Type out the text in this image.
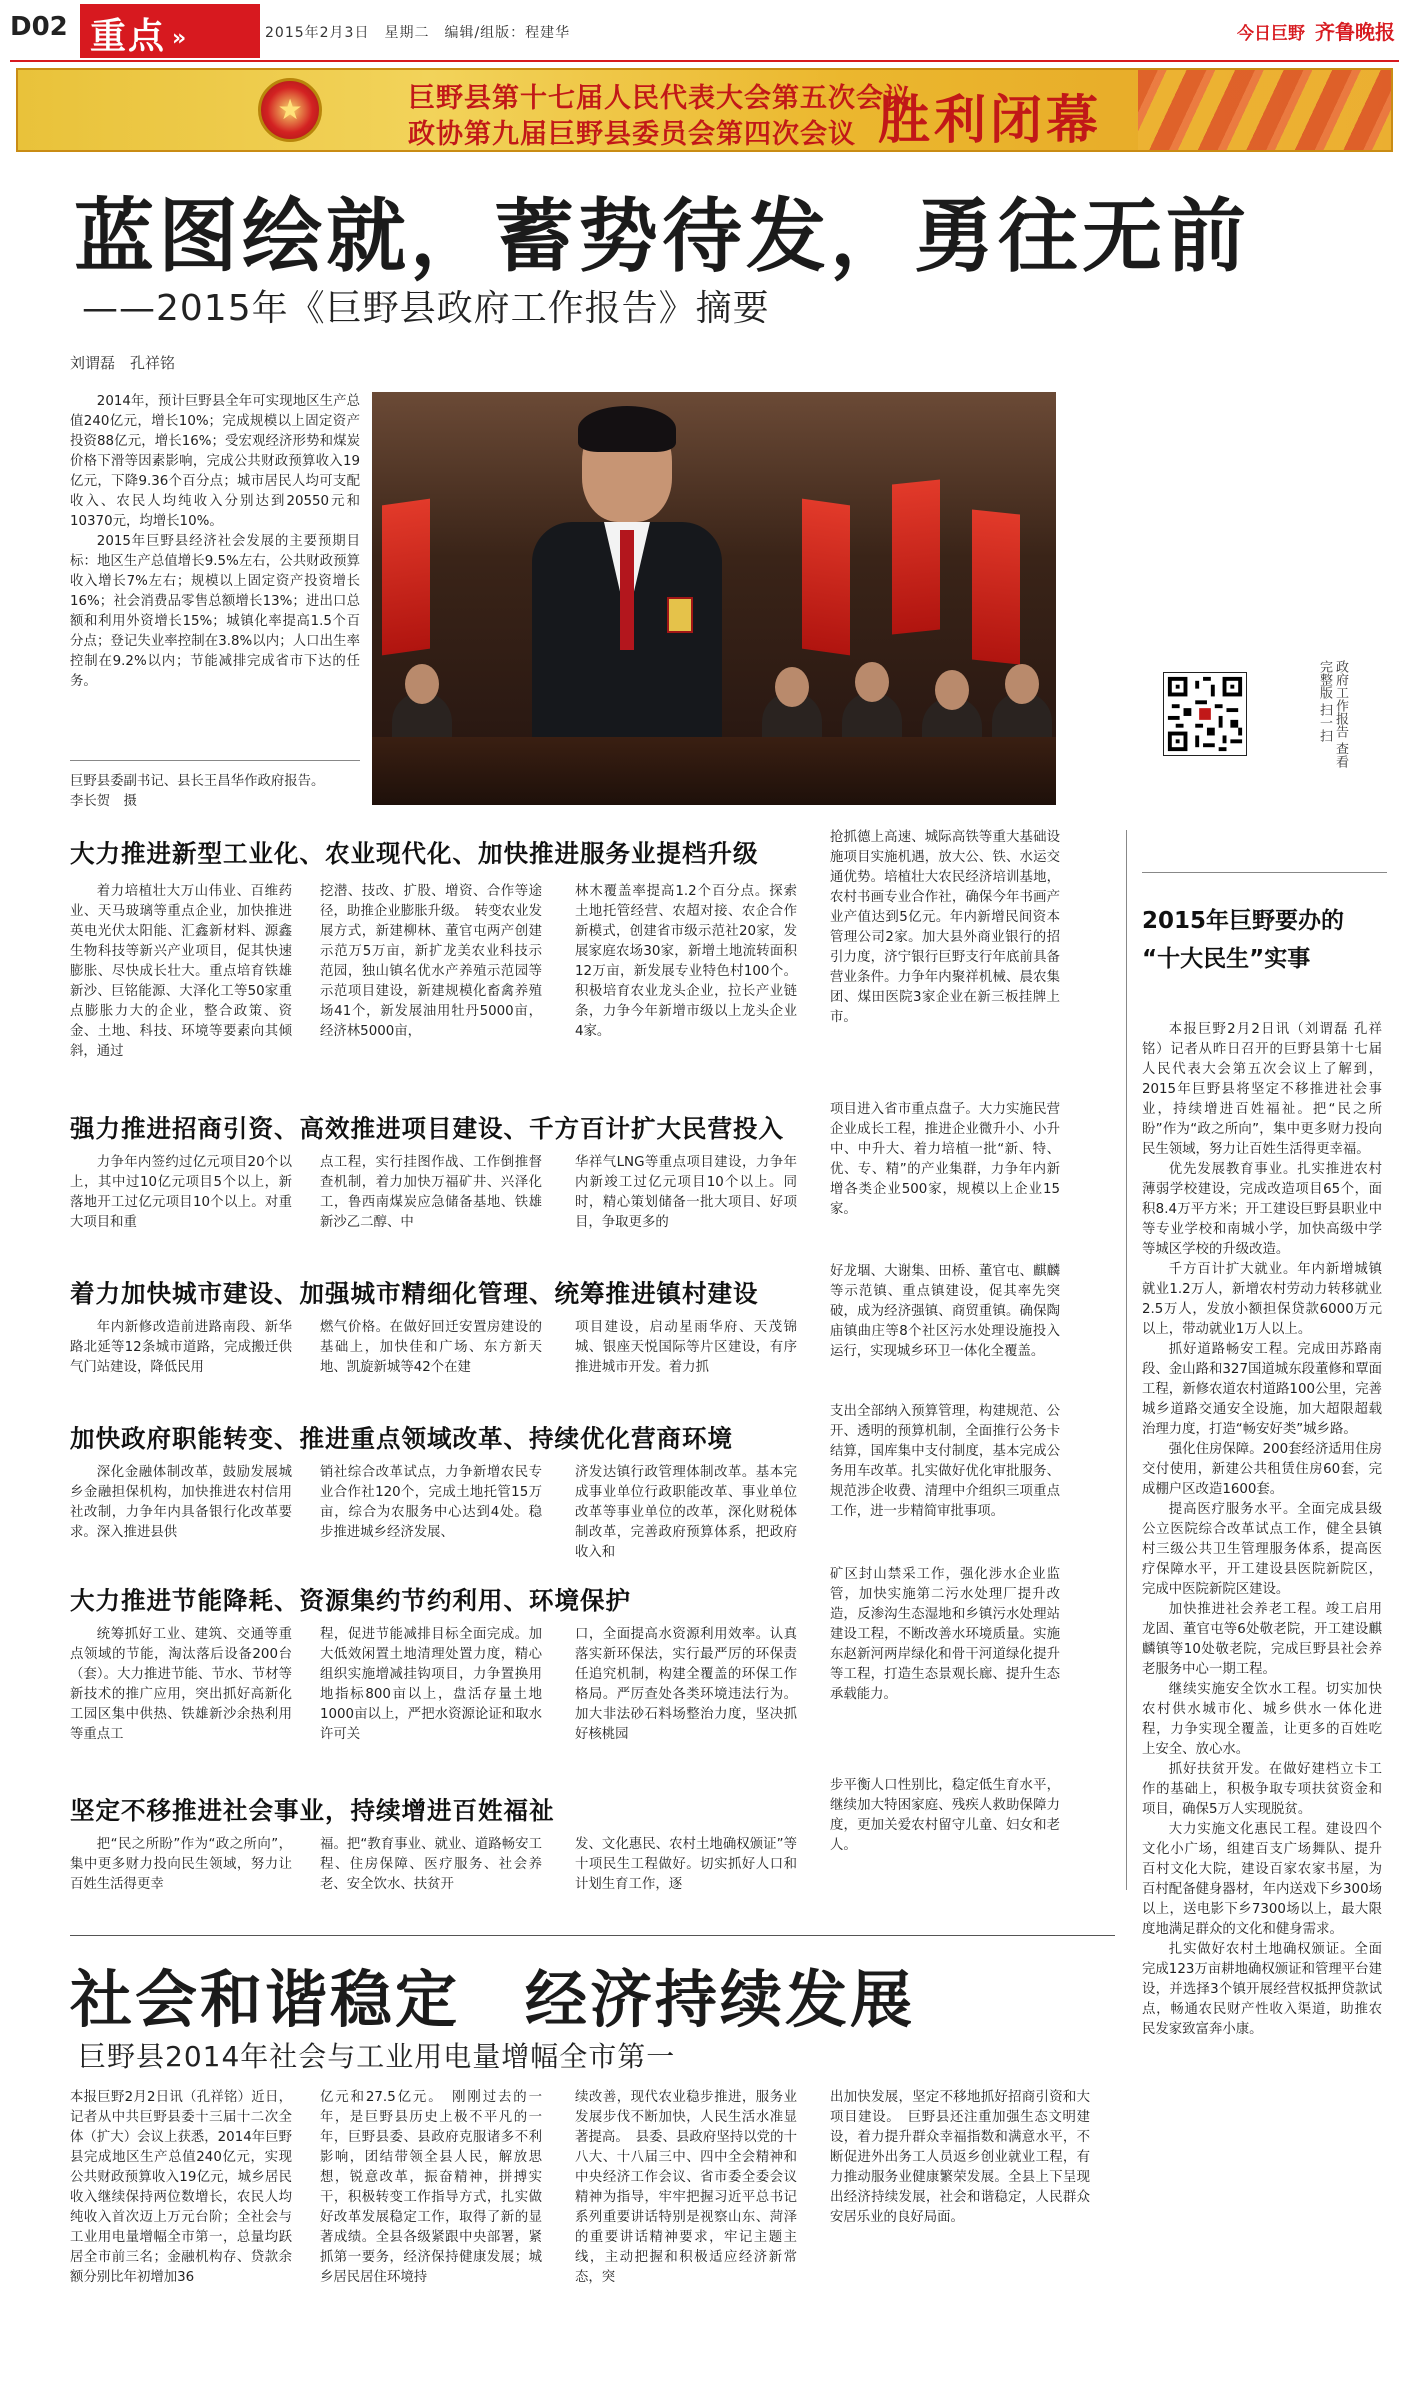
D02 重点 »	2015年2月3日　星期二　编辑/组版：程建华	今日巨野 齐鲁晚报
★	巨野县第十七届人民代表大会第五次会议
政协第九届巨野县委员会第四次会议 胜利闭幕
蓝图绘就，蓄势待发，勇往无前
——2015年《巨野县政府工作报告》摘要
刘谓磊　孔祥铭

2014年，预计巨野县全年可实现地区生产总值240亿元，增长10%；完成规模以上固定资产投资88亿元，增长16%；受宏观经济形势和煤炭价格下滑等因素影响，完成公共财政预算收入19亿元，下降9.36个百分点；城市居民人均可支配收入、农民人均纯收入分别达到20550元和10370元，均增长10%。

2015年巨野县经济社会发展的主要预期目标：地区生产总值增长9.5%左右，公共财政预算收入增长7%左右；规模以上固定资产投资增长16%；社会消费品零售总额增长13%；进出口总额和利用外资增长15%；城镇化率提高1.5个百分点；登记失业率控制在3.8%以内；人口出生率控制在9.2%以内；节能减排完成省市下达的任务。

巨野县委副书记、县长王昌华作政府报告。　　　　李长贺　摄
政府工作报告 查看完整版 扫一扫
大力推进新型工业化、农业现代化、加快推进服务业提档升级

着力培植壮大万山伟业、百维药业、天马玻璃等重点企业，加快推进英电光伏太阳能、汇鑫新材料、源鑫生物科技等新兴产业项目，促其快速膨胀、尽快成长壮大。重点培育铁雄新沙、巨铭能源、大泽化工等50家重点膨胀力大的企业，整合政策、资金、土地、科技、环境等要素向其倾斜，通过

挖潜、技改、扩股、增资、合作等途径，助推企业膨胀升级。　转变农业发展方式，新建柳林、董官屯两产创建示范万5万亩，新扩龙美农业科技示范园，独山镇名优水产养殖示范园等示范项目建设，新建规模化畜禽养殖场41个，新发展油用牡丹5000亩，经济林5000亩，

林木覆盖率提高1.2个百分点。探索土地托管经营、农超对接、农企合作新模式，创建省市级示范社20家，发展家庭农场30家，新增土地流转面积12万亩，新发展专业特色村100个。积极培育农业龙头企业，拉长产业链条，力争今年新增市级以上龙头企业4家。

抢抓德上高速、城际高铁等重大基础设施项目实施机遇，放大公、铁、水运交通优势。培植壮大农民经济培训基地，农村书画专业合作社，确保今年书画产业产值达到5亿元。年内新增民间资本管理公司2家。加大县外商业银行的招引力度，济宁银行巨野支行年底前具备营业条件。力争年内聚祥机械、晨农集团、煤田医院3家企业在新三板挂牌上市。

强力推进招商引资、高效推进项目建设、千方百计扩大民营投入

力争年内签约过亿元项目20个以上，其中过10亿元项目5个以上，新落地开工过亿元项目10个以上。对重大项目和重

点工程，实行挂图作战、工作倒推督查机制，着力加快万福矿井、兴泽化工，鲁西南煤炭应急储备基地、铁雄新沙乙二醇、中

华祥气LNG等重点项目建设，力争年内新竣工过亿元项目10个以上。同时，精心策划储备一批大项目、好项目，争取更多的

项目进入省市重点盘子。大力实施民营企业成长工程，推进企业微升小、小升中、中升大、着力培植一批“新、特、优、专、精”的产业集群，力争年内新增各类企业500家，规模以上企业15家。

着力加快城市建设、加强城市精细化管理、统筹推进镇村建设

年内新修改造前进路南段、新华路北延等12条城市道路，完成搬迁供气门站建设，降低民用

燃气价格。在做好回迁安置房建设的基础上，加快佳和广场、东方新天地、凯旋新城等42个在建

项目建设，启动星雨华府、天茂锦城、银座天悦国际等片区建设，有序推进城市开发。着力抓

好龙堌、大谢集、田桥、董官屯、麒麟等示范镇、重点镇建设，促其率先突破，成为经济强镇、商贸重镇。确保陶庙镇曲庄等8个社区污水处理设施投入运行，实现城乡环卫一体化全覆盖。

加快政府职能转变、推进重点领域改革、持续优化营商环境

深化金融体制改革，鼓励发展城乡金融担保机构，加快推进农村信用社改制，力争年内具备银行化改革要求。深入推进县供

销社综合改革试点，力争新增农民专业合作社120个，完成土地托管15万亩，综合为农服务中心达到4处。稳步推进城乡经济发展、

济发达镇行政管理体制改革。基本完成事业单位行政职能改革、事业单位改革等事业单位的改革，深化财税体制改革，完善政府预算体系，把政府收入和

支出全部纳入预算管理，构建规范、公开、透明的预算机制，全面推行公务卡结算，国库集中支付制度，基本完成公务用车改革。扎实做好优化审批服务、规范涉企收费、清理中介组织三项重点工作，进一步精简审批事项。

大力推进节能降耗、资源集约节约利用、环境保护

统筹抓好工业、建筑、交通等重点领域的节能，淘汰落后设备200台（套）。大力推进节能、节水、节材等新技术的推广应用，突出抓好高新化工园区集中供热、铁雄新沙余热利用等重点工

程，促进节能减排目标全面完成。加大低效闲置土地清理处置力度，精心组织实施增减挂钩项目，力争置换用地指标800亩以上，盘活存量土地1000亩以上，严把水资源论证和取水许可关

口，全面提高水资源利用效率。认真落实新环保法，实行最严厉的环保责任追究机制，构建全覆盖的环保工作格局。严厉查处各类环境违法行为。加大非法砂石料场整治力度，坚决抓好核桃园

矿区封山禁采工作，强化涉水企业监管，加快实施第二污水处理厂提升改造，反渗沟生态湿地和乡镇污水处理站建设工程，不断改善水环境质量。实施东赵新河两岸绿化和骨干河道绿化提升等工程，打造生态景观长廊、提升生态承载能力。

坚定不移推进社会事业，持续增进百姓福祉

把“民之所盼”作为“政之所向”，集中更多财力投向民生领域，努力让百姓生活得更幸

福。把“教育事业、就业、道路畅安工程、住房保障、医疗服务、社会养老、安全饮水、扶贫开

发、文化惠民、农村土地确权颁证”等十项民生工程做好。切实抓好人口和计划生育工作，逐

步平衡人口性别比，稳定低生育水平，继续加大特困家庭、残疾人救助保障力度，更加关爱农村留守儿童、妇女和老人。

2015年巨野要办的
“十大民生”实事

本报巨野2月2日讯（刘谓磊 孔祥铭）记者从昨日召开的巨野县第十七届人民代表大会第五次会议上了解到，2015年巨野县将坚定不移推进社会事业，持续增进百姓福祉。把“民之所盼”作为“政之所向”，集中更多财力投向民生领域，努力让百姓生活得更幸福。

优先发展教育事业。扎实推进农村薄弱学校建设，完成改造项目65个，面积8.4万平方米；开工建设巨野县职业中等专业学校和南城小学，加快高级中学等城区学校的升级改造。

千方百计扩大就业。年内新增城镇就业1.2万人，新增农村劳动力转移就业2.5万人，发放小额担保贷款6000万元以上，带动就业1万人以上。

抓好道路畅安工程。完成田苏路南段、金山路和327国道城东段董修和覃面工程，新修农道农村道路100公里，完善城乡道路交通安全设施，加大超限超载治理力度，打造“畅安好类”城乡路。

强化住房保障。200套经济适用住房交付使用，新建公共租赁住房60套，完成棚户区改造1600套。

提高医疗服务水平。全面完成县级公立医院综合改革试点工作，健全县镇村三级公共卫生管理服务体系，提高医疗保障水平，开工建设县医院新院区，完成中医院新院区建设。

加快推进社会养老工程。竣工启用龙固、董官屯等6处敬老院，开工建设麒麟镇等10处敬老院，完成巨野县社会养老服务中心一期工程。

继续实施安全饮水工程。切实加快农村供水城市化、城乡供水一体化进程，力争实现全覆盖，让更多的百姓吃上安全、放心水。

抓好扶贫开发。在做好建档立卡工作的基础上，积极争取专项扶贫资金和项目，确保5万人实现脱贫。

大力实施文化惠民工程。建设四个文化小广场，组建百支广场舞队、提升百村文化大院，建设百家农家书屋，为百村配备健身器材，年内送戏下乡300场以上，送电影下乡7300场以上，最大限度地满足群众的文化和健身需求。

扎实做好农村土地确权颁证。全面完成123万亩耕地确权颁证和管理平台建设，并选择3个镇开展经营权抵押贷款试点，畅通农民财产性收入渠道，助推农民发家致富奔小康。

社会和谐稳定　经济持续发展
巨野县2014年社会与工业用电量增幅全市第一

本报巨野2月2日讯（孔祥铭）近日，记者从中共巨野县委十三届十二次全体（扩大）会议上获悉，2014年巨野县完成地区生产总值240亿元，实现公共财政预算收入19亿元，城乡居民收入继续保持两位数增长，农民人均纯收入首次迈上万元台阶；全社会与工业用电量增幅全市第一，总量均跃居全市前三名；金融机构存、贷款余额分别比年初增加36

亿元和27.5亿元。　刚刚过去的一年，是巨野县历史上极不平凡的一年，巨野县委、县政府克服诸多不利影响，团结带领全县人民，解放思想，锐意改革，振奋精神，拼搏实干，积极转变工作指导方式，扎实做好改革发展稳定工作，取得了新的显著成绩。全县各级紧跟中央部署，紧抓第一要务，经济保持健康发展；城乡居民居住环境持

续改善，现代农业稳步推进，服务业发展步伐不断加快，人民生活水准显著提高。　县委、县政府坚持以党的十八大、十八届三中、四中全会精神和中央经济工作会议、省市委全委会议精神为指导，牢牢把握习近平总书记系列重要讲话特别是视察山东、菏泽的重要讲话精神要求，牢记主题主线，主动把握和积极适应经济新常态，突

出加快发展，坚定不移地抓好招商引资和大项目建设。　巨野县还注重加强生态文明建设，着力提升群众幸福指数和满意水平，不断促进外出务工人员返乡创业就业工程，有力推动服务业健康繁荣发展。全县上下呈现出经济持续发展，社会和谐稳定，人民群众安居乐业的良好局面。
